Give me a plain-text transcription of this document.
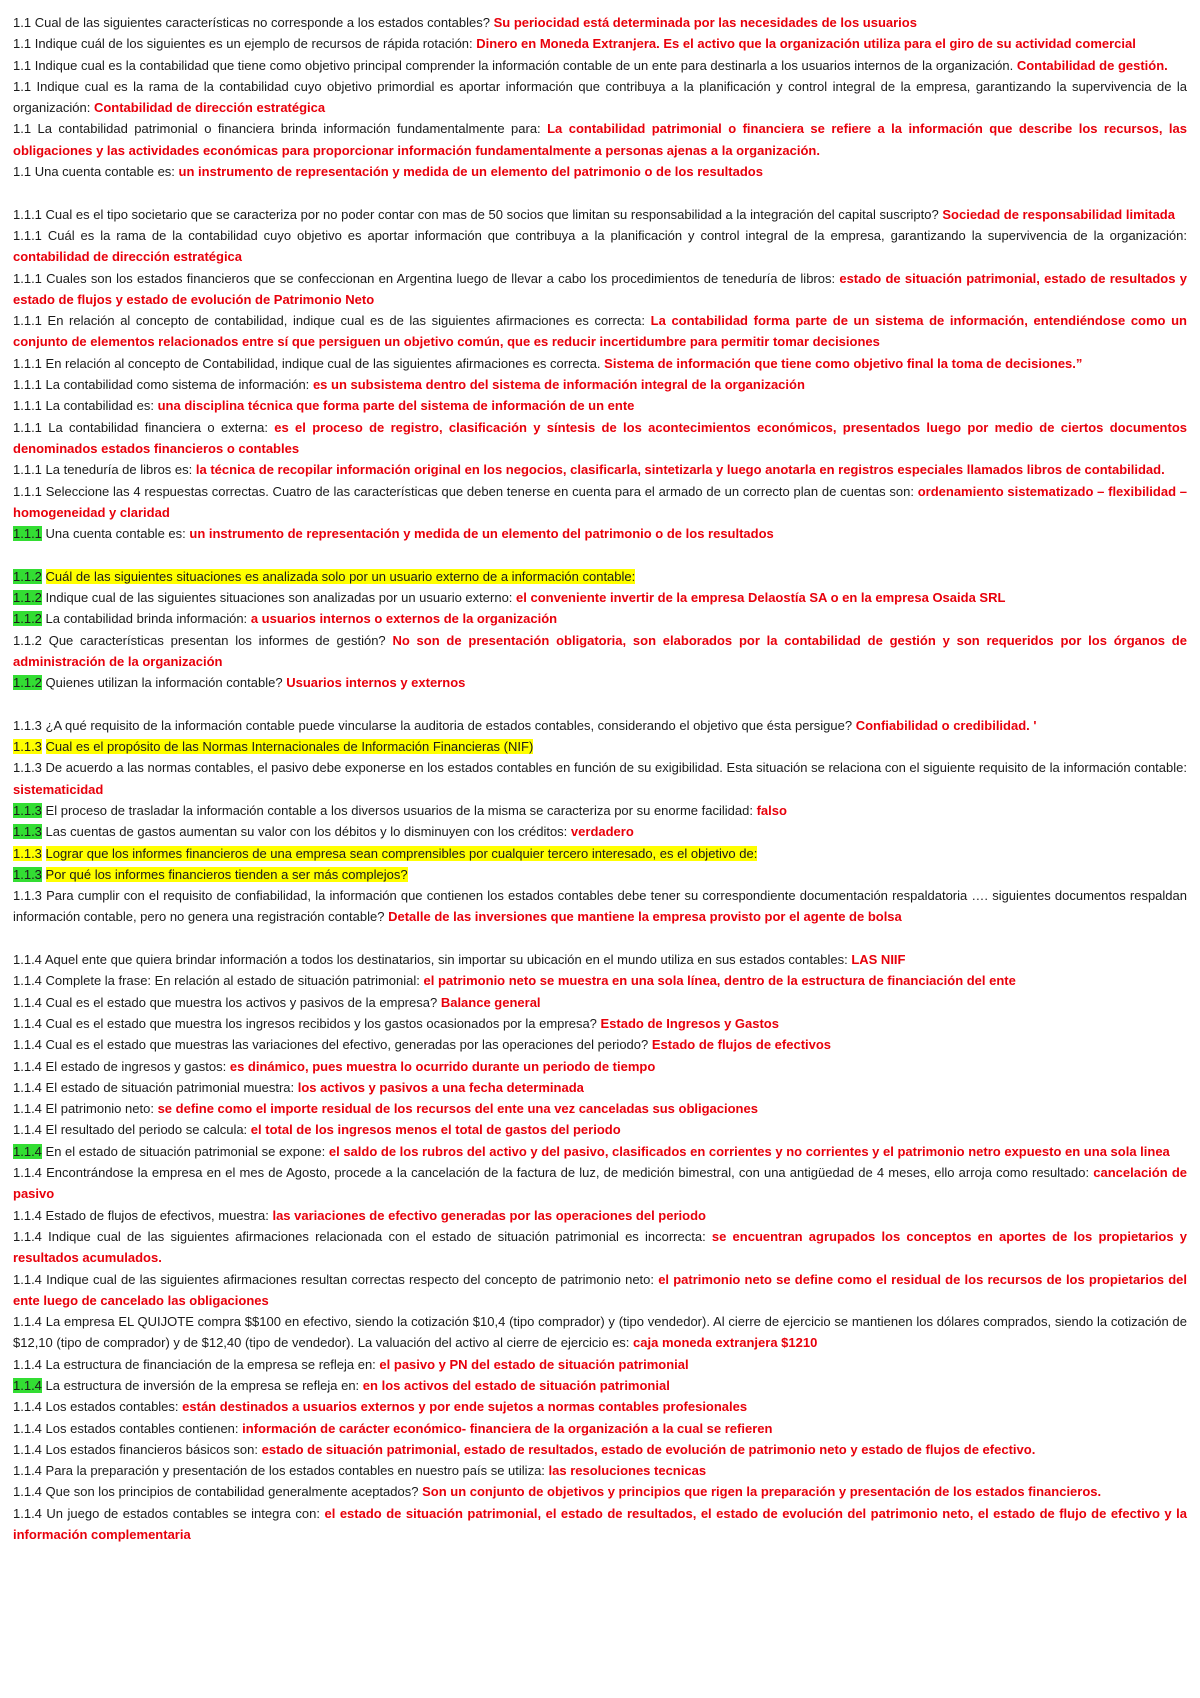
1.1 Cual de las siguientes características no corresponde a los estados contables? Su periocidad está determinada por las necesidades de los usuarios

1.1 Indique cuál de los siguientes es un ejemplo de recursos de rápida rotación: Dinero en Moneda Extranjera. Es el activo que la organización utiliza para el giro de su actividad comercial

1.1 Indique cual es la contabilidad que tiene como objetivo principal comprender la información contable de un ente para destinarla a los usuarios internos de la organización. Contabilidad de gestión.

1.1 Indique cual es la rama de la contabilidad cuyo objetivo primordial es aportar información que contribuya a la planificación y control integral de la empresa, garantizando la supervivencia de la organización: Contabilidad de dirección estratégica

1.1 La contabilidad patrimonial o financiera brinda información fundamentalmente para: La contabilidad patrimonial o financiera se refiere a la información que describe los recursos, las obligaciones y las actividades económicas para proporcionar información fundamentalmente a personas ajenas a la organización.

1.1 Una cuenta contable es: un instrumento de representación y medida de un elemento del patrimonio o de los resultados

1.1.1 Cual es el tipo societario que se caracteriza por no poder contar con mas de 50 socios que limitan su responsabilidad a la integración del capital suscripto? Sociedad de responsabilidad limitada

1.1.1 Cuál es la rama de la contabilidad cuyo objetivo es aportar información que contribuya a la planificación y control integral de la empresa, garantizando la supervivencia de la organización: contabilidad de dirección estratégica

1.1.1 Cuales son los estados financieros que se confeccionan en Argentina luego de llevar a cabo los procedimientos de teneduría de libros: estado de situación patrimonial, estado de resultados y estado de flujos y estado de evolución de Patrimonio Neto

1.1.1 En relación al concepto de contabilidad, indique cual es de las siguientes afirmaciones es correcta: La contabilidad forma parte de un sistema de información, entendiéndose como un conjunto de elementos relacionados entre sí que persiguen un objetivo común, que es reducir incertidumbre para permitir tomar decisiones

1.1.1 En relación al concepto de Contabilidad, indique cual de las siguientes afirmaciones es correcta. Sistema de información que tiene como objetivo final la toma de decisiones.”

1.1.1 La contabilidad como sistema de información: es un subsistema dentro del sistema de información integral de la organización

1.1.1 La contabilidad es: una disciplina técnica que forma parte del sistema de información de un ente

1.1.1 La contabilidad financiera o externa: es el proceso de registro, clasificación y síntesis de los acontecimientos económicos, presentados luego por medio de ciertos documentos denominados estados financieros o contables

1.1.1 La teneduría de libros es: la técnica de recopilar información original en los negocios, clasificarla, sintetizarla y luego anotarla en registros especiales llamados libros de contabilidad.

1.1.1 Seleccione las 4 respuestas correctas. Cuatro de las características que deben tenerse en cuenta para el armado de un correcto plan de cuentas son: ordenamiento sistematizado – flexibilidad – homogeneidad y claridad

1.1.1 Una cuenta contable es: un instrumento de representación y medida de un elemento del patrimonio o de los resultados

1.1.2 Cuál de las siguientes situaciones es analizada solo por un usuario externo de a información contable:

1.1.2 Indique cual de las siguientes situaciones son analizadas por un usuario externo: el conveniente invertir de la empresa Delaostía SA o en la empresa Osaida SRL

1.1.2 La contabilidad brinda información: a usuarios internos o externos de la organización

1.1.2 Que características presentan los informes de gestión? No son de presentación obligatoria, son elaborados por la contabilidad de gestión y son requeridos por los órganos de administración de la organización

1.1.2 Quienes utilizan la información contable? Usuarios internos y externos

1.1.3 ¿A qué requisito de la información contable puede vincularse la auditoria de estados contables, considerando el objetivo que ésta persigue? Confiabilidad o credibilidad. '

1.1.3 Cual es el propósito de las Normas Internacionales de Información Financieras (NIF)

1.1.3 De acuerdo a las normas contables, el pasivo debe exponerse en los estados contables en función de su exigibilidad. Esta situación se relaciona con el siguiente requisito de la información contable: sistematicidad

1.1.3 El proceso de trasladar la información contable a los diversos usuarios de la misma se caracteriza por su enorme facilidad: falso

1.1.3 Las cuentas de gastos aumentan su valor con los débitos y lo disminuyen con los créditos: verdadero

1.1.3 Lograr que los informes financieros de una empresa sean comprensibles por cualquier tercero interesado, es el objetivo de:

1.1.3 Por qué los informes financieros tienden a ser más complejos?

1.1.3 Para cumplir con el requisito de confiabilidad, la información que contienen los estados contables debe tener su correspondiente documentación respaldatoria …. siguientes documentos respaldan información contable, pero no genera una registración contable? Detalle de las inversiones que mantiene la empresa provisto por el agente de bolsa

1.1.4 Aquel ente que quiera brindar información a todos los destinatarios, sin importar su ubicación en el mundo utiliza en sus estados contables: LAS NIIF

1.1.4 Complete la frase: En relación al estado de situación patrimonial: el patrimonio neto se muestra en una sola línea, dentro de la estructura de financiación del ente

1.1.4 Cual es el estado que muestra los activos y pasivos de la empresa? Balance general

1.1.4 Cual es el estado que muestra los ingresos recibidos y los gastos ocasionados por la empresa? Estado de Ingresos y Gastos

1.1.4 Cual es el estado que muestras las variaciones del efectivo, generadas por las operaciones del periodo? Estado de flujos de efectivos

1.1.4 El estado de ingresos y gastos: es dinámico, pues muestra lo ocurrido durante un periodo de tiempo

1.1.4 El estado de situación patrimonial muestra: los activos y pasivos a una fecha determinada

1.1.4 El patrimonio neto: se define como el importe residual de los recursos del ente una vez canceladas sus obligaciones

1.1.4 El resultado del periodo se calcula: el total de los ingresos menos el total de gastos del periodo

1.1.4 En el estado de situación patrimonial se expone: el saldo de los rubros del activo y del pasivo, clasificados en corrientes y no corrientes y el patrimonio netro expuesto en una sola linea

1.1.4 Encontrándose la empresa en el mes de Agosto, procede a la cancelación de la factura de luz, de medición bimestral, con una antigüedad de 4 meses, ello arroja como resultado: cancelación de pasivo

1.1.4 Estado de flujos de efectivos, muestra: las variaciones de efectivo generadas por las operaciones del periodo

1.1.4 Indique cual de las siguientes afirmaciones relacionada con el estado de situación patrimonial es incorrecta: se encuentran agrupados los conceptos en aportes de los propietarios y resultados acumulados.

1.1.4 Indique cual de las siguientes afirmaciones resultan correctas respecto del concepto de patrimonio neto: el patrimonio neto se define como el residual de los recursos de los propietarios del ente luego de cancelado las obligaciones

1.1.4 La empresa EL QUIJOTE compra $$100 en efectivo, siendo la cotización $10,4 (tipo comprador) y (tipo vendedor). Al cierre de ejercicio se mantienen los dólares comprados, siendo la cotización de $12,10 (tipo de comprador) y de $12,40 (tipo de vendedor). La valuación del activo al cierre de ejercicio es: caja moneda extranjera $1210

1.1.4 La estructura de financiación de la empresa se refleja en: el pasivo y PN del estado de situación patrimonial

1.1.4 La estructura de inversión de la empresa se refleja en: en los activos del estado de situación patrimonial

1.1.4 Los estados contables: están destinados a usuarios externos y por ende sujetos a normas contables profesionales

1.1.4 Los estados contables contienen: información de carácter económico- financiera de la organización a la cual se refieren

1.1.4 Los estados financieros básicos son: estado de situación patrimonial, estado de resultados, estado de evolución de patrimonio neto y estado de flujos de efectivo.

1.1.4 Para la preparación y presentación de los estados contables en nuestro país se utiliza: las resoluciones tecnicas

1.1.4 Que son los principios de contabilidad generalmente aceptados? Son un conjunto de objetivos y principios que rigen la preparación y presentación de los estados financieros.

1.1.4 Un juego de estados contables se integra con: el estado de situación patrimonial, el estado de resultados, el estado de evolución del patrimonio neto, el estado de flujo de efectivo y la información complementaria
